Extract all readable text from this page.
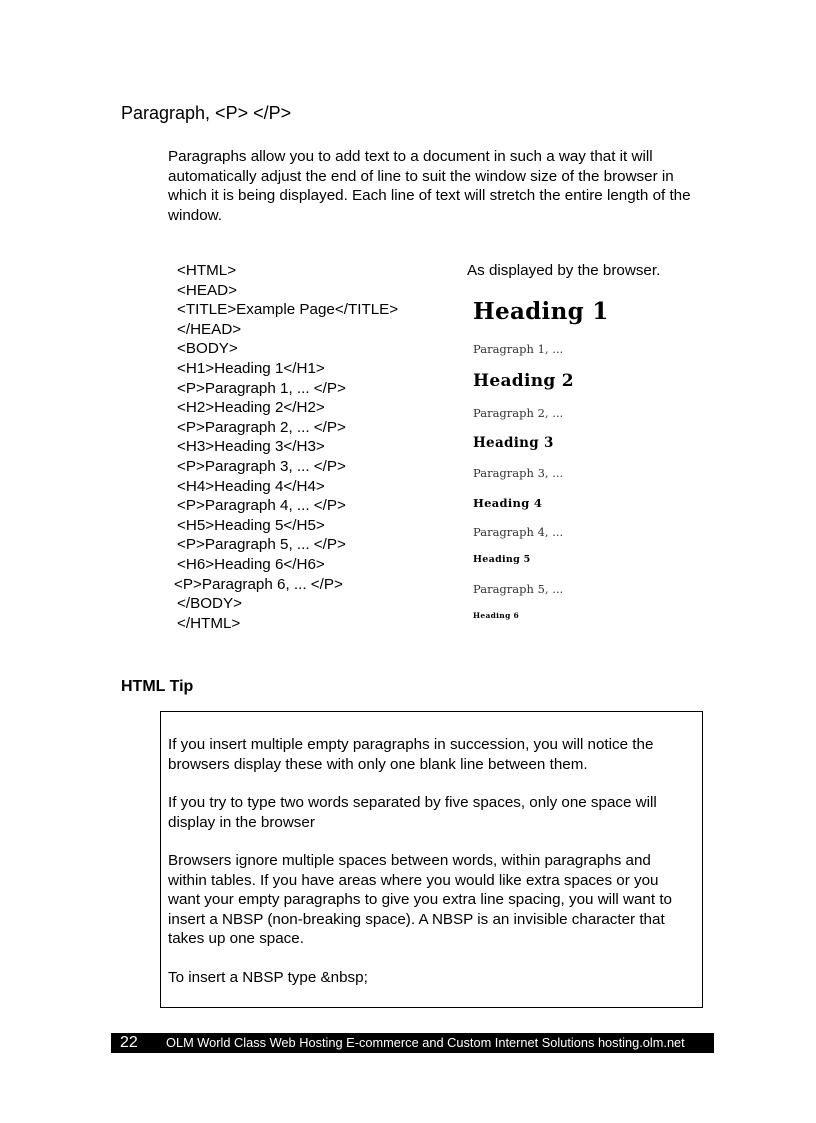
Paragraph, <P> </P>

Paragraphs allow you to add text to a document in such a way that it will automatically adjust the end of line to suit the window size of the browser in which it is being displayed. Each line of text will stretch the entire length of the window.

<HTML>
<HEAD>
<TITLE>Example Page</TITLE>
</HEAD>
<BODY>
<H1>Heading 1</H1>
<P>Paragraph 1, ... </P>
<H2>Heading 2</H2>
<P>Paragraph 2, ... </P>
<H3>Heading 3</H3>
<P>Paragraph 3, ... </P>
<H4>Heading 4</H4>
<P>Paragraph 4, ... </P>
<H5>Heading 5</H5>
<P>Paragraph 5, ... </P>
<H6>Heading 6</H6>
<P>Paragraph 6, ... </P>
</BODY>
</HTML>

As displayed by the browser.

Heading 1
Paragraph 1, ...
Heading 2
Paragraph 2, ...
Heading 3
Paragraph 3, ...
Heading 4
Paragraph 4, ...
Heading 5
Paragraph 5, ...
Heading 6
HTML Tip

If you insert multiple empty paragraphs in succession, you will notice the browsers display these with only one blank line between them.

If you try to type two words separated by five spaces, only one space will display in the browser

Browsers ignore multiple spaces between words, within paragraphs and within tables. If you have areas where you would like extra spaces or you want your empty paragraphs to give you extra line spacing, you will want to insert a NBSP (non-breaking space). A NBSP is an invisible character that takes up one space.

To insert a NBSP type &nbsp;

22 OLM World Class Web Hosting E-commerce and Custom Internet Solutions hosting.olm.net
